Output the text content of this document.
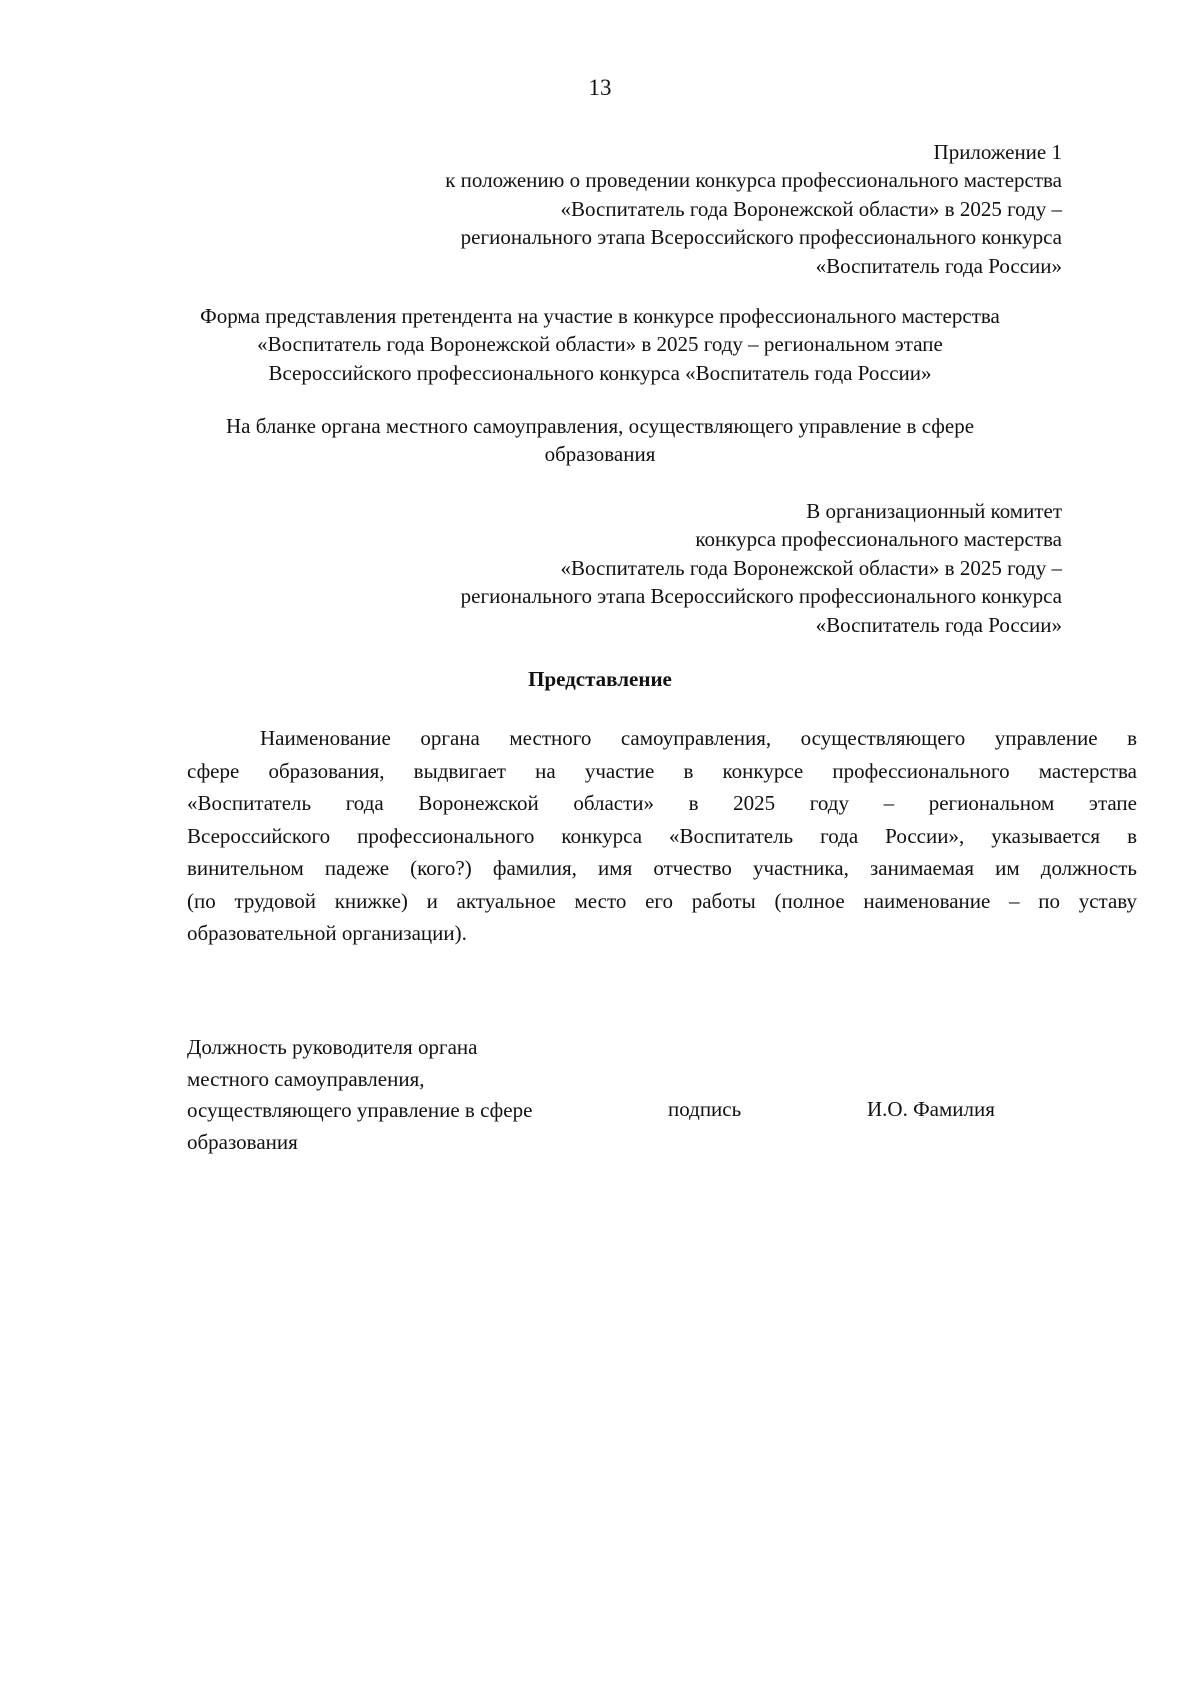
13
Приложение 1
к положению о проведении конкурса профессионального мастерства
«Воспитатель года Воронежской области» в 2025 году –
регионального этапа Всероссийского профессионального конкурса
«Воспитатель года России»
Форма представления претендента на участие в конкурсе профессионального мастерства
«Воспитатель года Воронежской области» в 2025 году – региональном этапе
Всероссийского профессионального конкурса «Воспитатель года России»
На бланке органа местного самоуправления, осуществляющего управление в сфере
образования
В организационный комитет
конкурса профессионального мастерства
«Воспитатель года Воронежской области» в 2025 году –
регионального этапа Всероссийского профессионального конкурса
«Воспитатель года России»
Представление
Наименование органа местного самоуправления, осуществляющего управление в
сфере образования, выдвигает на участие в конкурсе профессионального мастерства
«Воспитатель года Воронежской области» в 2025 году – региональном этапе
Всероссийского профессионального конкурса «Воспитатель года России», указывается в
винительном падеже (кого?) фамилия, имя отчество участника, занимаемая им должность
(по трудовой книжке) и актуальное место его работы (полное наименование – по уставу
образовательной организации).
Должность руководителя органа
местного самоуправления,
осуществляющего управление в сфере
образования
подпись	И.О. Фамилия
